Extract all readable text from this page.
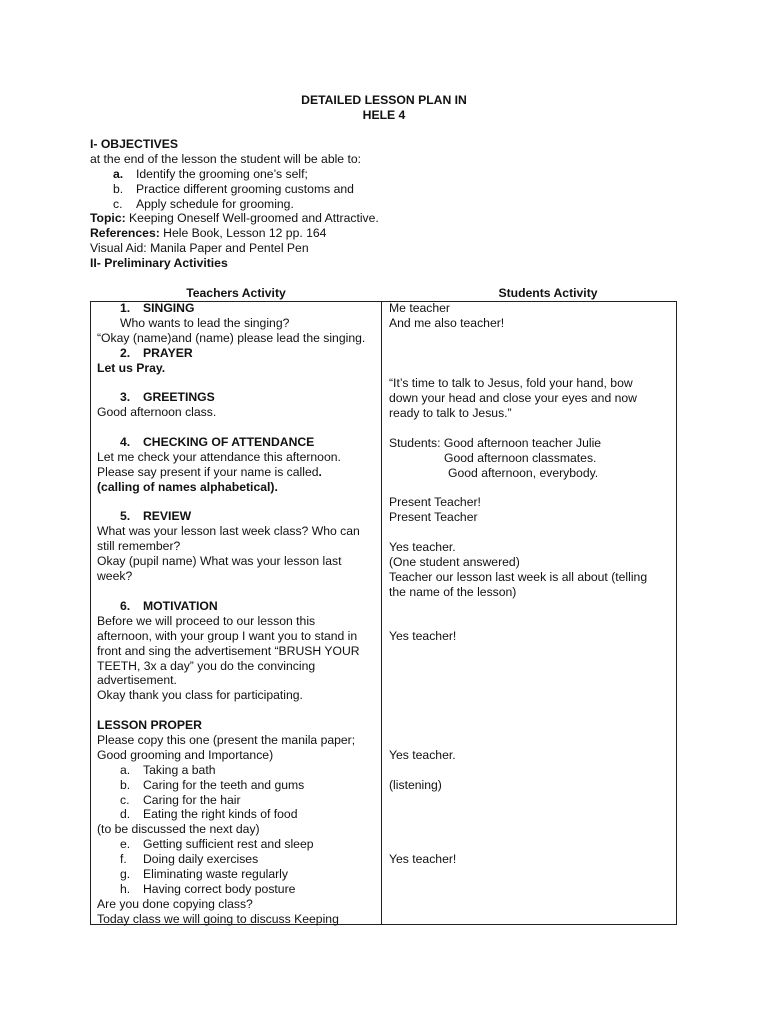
DETAILED LESSON PLAN IN
HELE 4
I- OBJECTIVES
at the end of the lesson the student will be able to:
a. Identify the grooming one’s self;
b. Practice different grooming customs and
c. Apply schedule for grooming.
Topic: Keeping Oneself Well-groomed and Attractive.
References: Hele Book, Lesson 12 pp. 164
Visual Aid: Manila Paper and Pentel Pen
II- Preliminary Activities
Teachers Activity	Students Activity
1. SINGING
Who wants to lead the singing?
“Okay (name)and (name) please lead the singing.
2. PRAYER
Let us Pray.
3. GREETINGS
Good afternoon class.
4. CHECKING OF ATTENDANCE
Let me check your attendance this afternoon.
Please say present if your name is called.
(calling of names alphabetical).
5. REVIEW
What was your lesson last week class? Who can
still remember?
Okay (pupil name) What was your lesson last
week?
6. MOTIVATION
Before we will proceed to our lesson this
afternoon, with your group I want you to stand in
front and sing the advertisement “BRUSH YOUR
TEETH, 3x a day” you do the convincing
advertisement.
Okay thank you class for participating.
LESSON PROPER
Please copy this one (present the manila paper;
Good grooming and Importance)
a. Taking a bath
b. Caring for the teeth and gums
c. Caring for the hair
d. Eating the right kinds of food
(to be discussed the next day)
e. Getting sufficient rest and sleep
f. Doing daily exercises
g. Eliminating waste regularly
h. Having correct body posture
Are you done copying class?
Today class we will going to discuss Keeping
Me teacher
And me also teacher!
“It’s time to talk to Jesus, fold your hand, bow
down your head and close your eyes and now
ready to talk to Jesus.”
Students: Good afternoon teacher Julie
Good afternoon classmates.
Good afternoon, everybody.
Present Teacher!
Present Teacher
Yes teacher.
(One student answered)
Teacher our lesson last week is all about (telling
the name of the lesson)
Yes teacher!
Yes teacher.
(listening)
Yes teacher!
